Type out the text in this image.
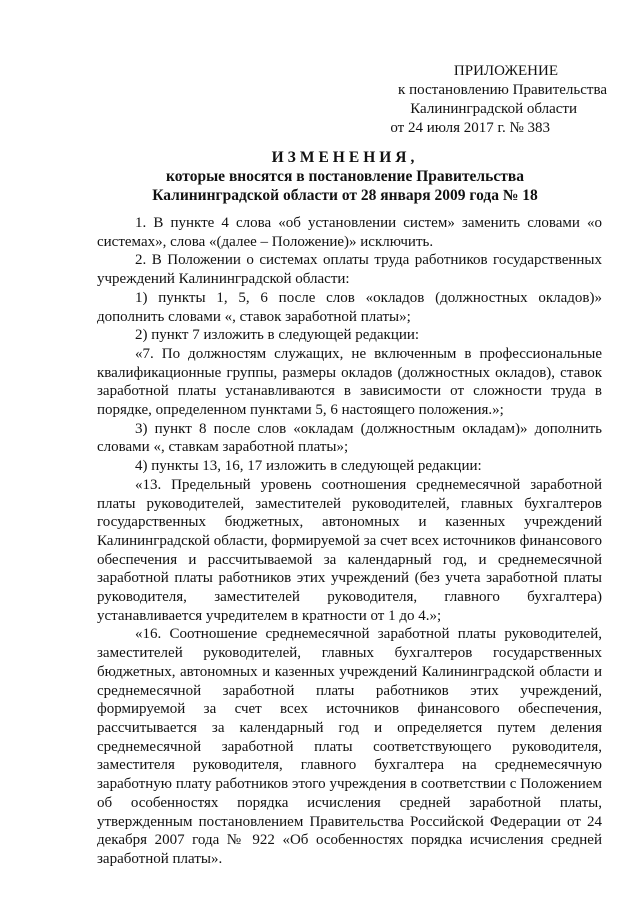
ПРИЛОЖЕНИЕ
к постановлению Правительства
Калининградской области
от 24 июля 2017 г. № 383
ИЗМЕНЕНИЯ,
которые вносятся в постановление Правительства
Калининградской области от 28 января 2009 года № 18

1. В пункте 4 слова «об установлении систем» заменить словами «о системах», слова «(далее – Положение)» исключить.

2. В Положении о системах оплаты труда работников государственных учреждений Калининградской области:

1) пункты 1, 5, 6 после слов «окладов (должностных окладов)» дополнить словами «, ставок заработной платы»;

2) пункт 7 изложить в следующей редакции:

«7. По должностям служащих, не включенным в профессиональные квалификационные группы, размеры окладов (должностных окладов), ставок заработной платы устанавливаются в зависимости от сложности труда в порядке, определенном пунктами 5, 6 настоящего положения.»;

3) пункт 8 после слов «окладам (должностным окладам)» дополнить словами «, ставкам заработной платы»;

4) пункты 13, 16, 17 изложить в следующей редакции:

«13. Предельный уровень соотношения среднемесячной заработной платы руководителей, заместителей руководителей, главных бухгалтеров государственных бюджетных, автономных и казенных учреждений Калининградской области, формируемой за счет всех источников финансового обеспечения и рассчитываемой за календарный год, и среднемесячной заработной платы работников этих учреждений (без учета заработной платы руководителя, заместителей руководителя, главного бухгалтера) устанавливается учредителем в кратности от 1 до 4.»;

«16. Соотношение среднемесячной заработной платы руководителей, заместителей руководителей, главных бухгалтеров государственных бюджетных, автономных и казенных учреждений Калининградской области и среднемесячной заработной платы работников этих учреждений, формируемой за счет всех источников финансового обеспечения, рассчитывается за календарный год и определяется путем деления среднемесячной заработной платы соответствующего руководителя, заместителя руководителя, главного бухгалтера на среднемесячную заработную плату работников этого учреждения в соответствии с Положением об особенностях порядка исчисления средней заработной платы, утвержденным постановлением Правительства Российской Федерации от 24 декабря 2007 года № 922 «Об особенностях порядка исчисления средней заработной платы».
